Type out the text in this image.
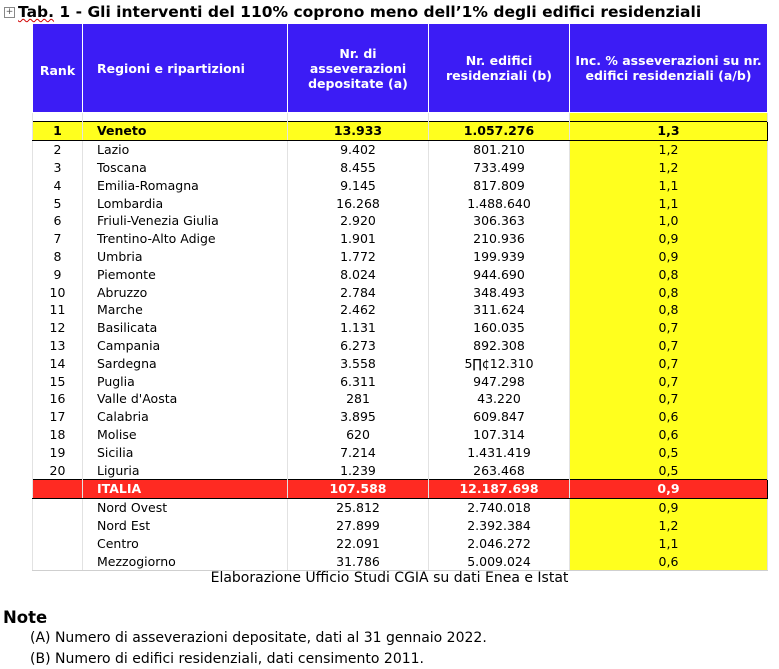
+ Tab. 1 - Gli interventi del 110% coprono meno dell’1% degli edifici residenziali
Rank	Regioni e ripartizioni	Nr. di asseverazioni depositate (a)	Nr. edifici residenziali (b)	Inc. % asseverazioni su nr. edifici residenziali (a/b)

1	Veneto	13.933	1.057.276	1,3
2	Lazio	9.402	801.210	1,2
3	Toscana	8.455	733.499	1,2
4	Emilia-Romagna	9.145	817.809	1,1
5	Lombardia	16.268	1.488.640	1,1
6	Friuli-Venezia Giulia	2.920	306.363	1,0
7	Trentino-Alto Adige	1.901	210.936	0,9
8	Umbria	1.772	199.939	0,9
9	Piemonte	8.024	944.690	0,8
10	Abruzzo	2.784	348.493	0,8
11	Marche	2.462	311.624	0,8
12	Basilicata	1.131	160.035	0,7
13	Campania	6.273	892.308	0,7
14	Sardegna	3.558	5∏¢12.310	0,7
15	Puglia	6.311	947.298	0,7
16	Valle d'Aosta	281	43.220	0,7
17	Calabria	3.895	609.847	0,6
18	Molise	620	107.314	0,6
19	Sicilia	7.214	1.431.419	0,5
20	Liguria	1.239	263.468	0,5
	ITALIA	107.588	12.187.698	0,9
	Nord Ovest	25.812	2.740.018	0,9
	Nord Est	27.899	2.392.384	1,2
	Centro	22.091	2.046.272	1,1
	Mezzogiorno	31.786	5.009.024	0,6
Elaborazione Ufficio Studi CGIA su dati Enea e Istat
Note
(A) Numero di asseverazioni depositate, dati al 31 gennaio 2022.
(B) Numero di edifici residenziali, dati censimento 2011.
